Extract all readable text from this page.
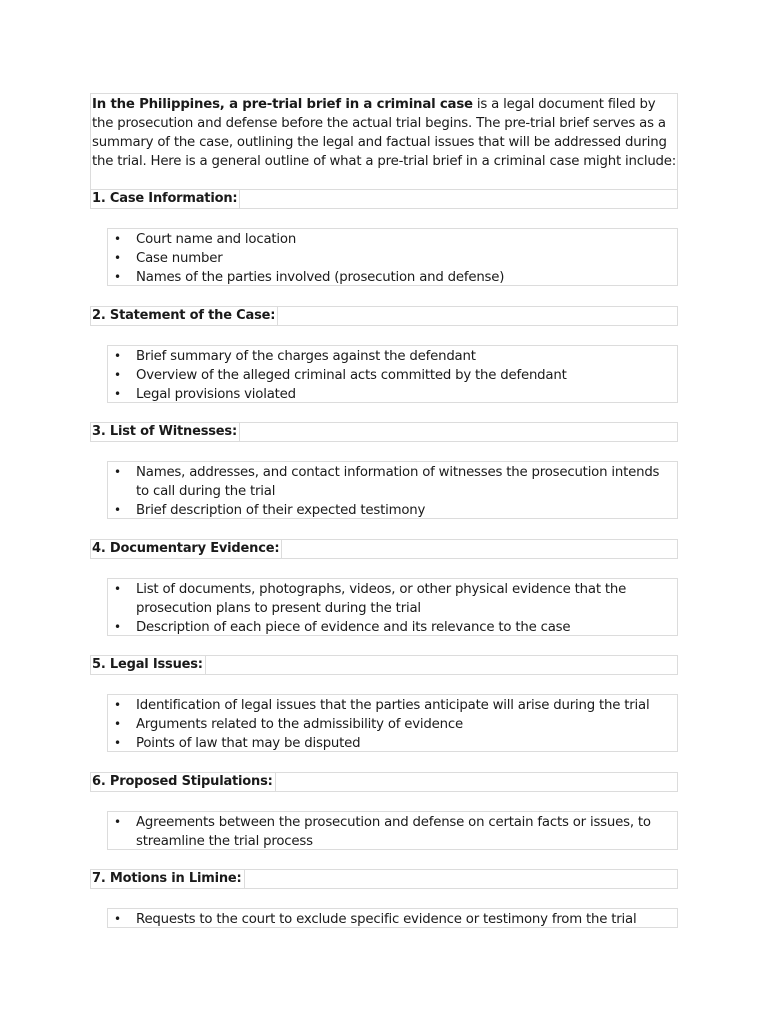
In the Philippines, a pre-trial brief in a criminal case is a legal document filed by the prosecution and defense before the actual trial begins. The pre-trial brief serves as a summary of the case, outlining the legal and factual issues that will be addressed during the trial. Here is a general outline of what a pre-trial brief in a criminal case might include:

1. Case Information:
• Court name and location
• Case number
• Names of the parties involved (prosecution and defense)
2. Statement of the Case:
• Brief summary of the charges against the defendant
• Overview of the alleged criminal acts committed by the defendant
• Legal provisions violated
3. List of Witnesses:
• Names, addresses, and contact information of witnesses the prosecution intends to call during the trial
• Brief description of their expected testimony
4. Documentary Evidence:
• List of documents, photographs, videos, or other physical evidence that the prosecution plans to present during the trial
• Description of each piece of evidence and its relevance to the case
5. Legal Issues:
• Identification of legal issues that the parties anticipate will arise during the trial
• Arguments related to the admissibility of evidence
• Points of law that may be disputed
6. Proposed Stipulations:
• Agreements between the prosecution and defense on certain facts or issues, to streamline the trial process
7. Motions in Limine:
• Requests to the court to exclude specific evidence or testimony from the trial
